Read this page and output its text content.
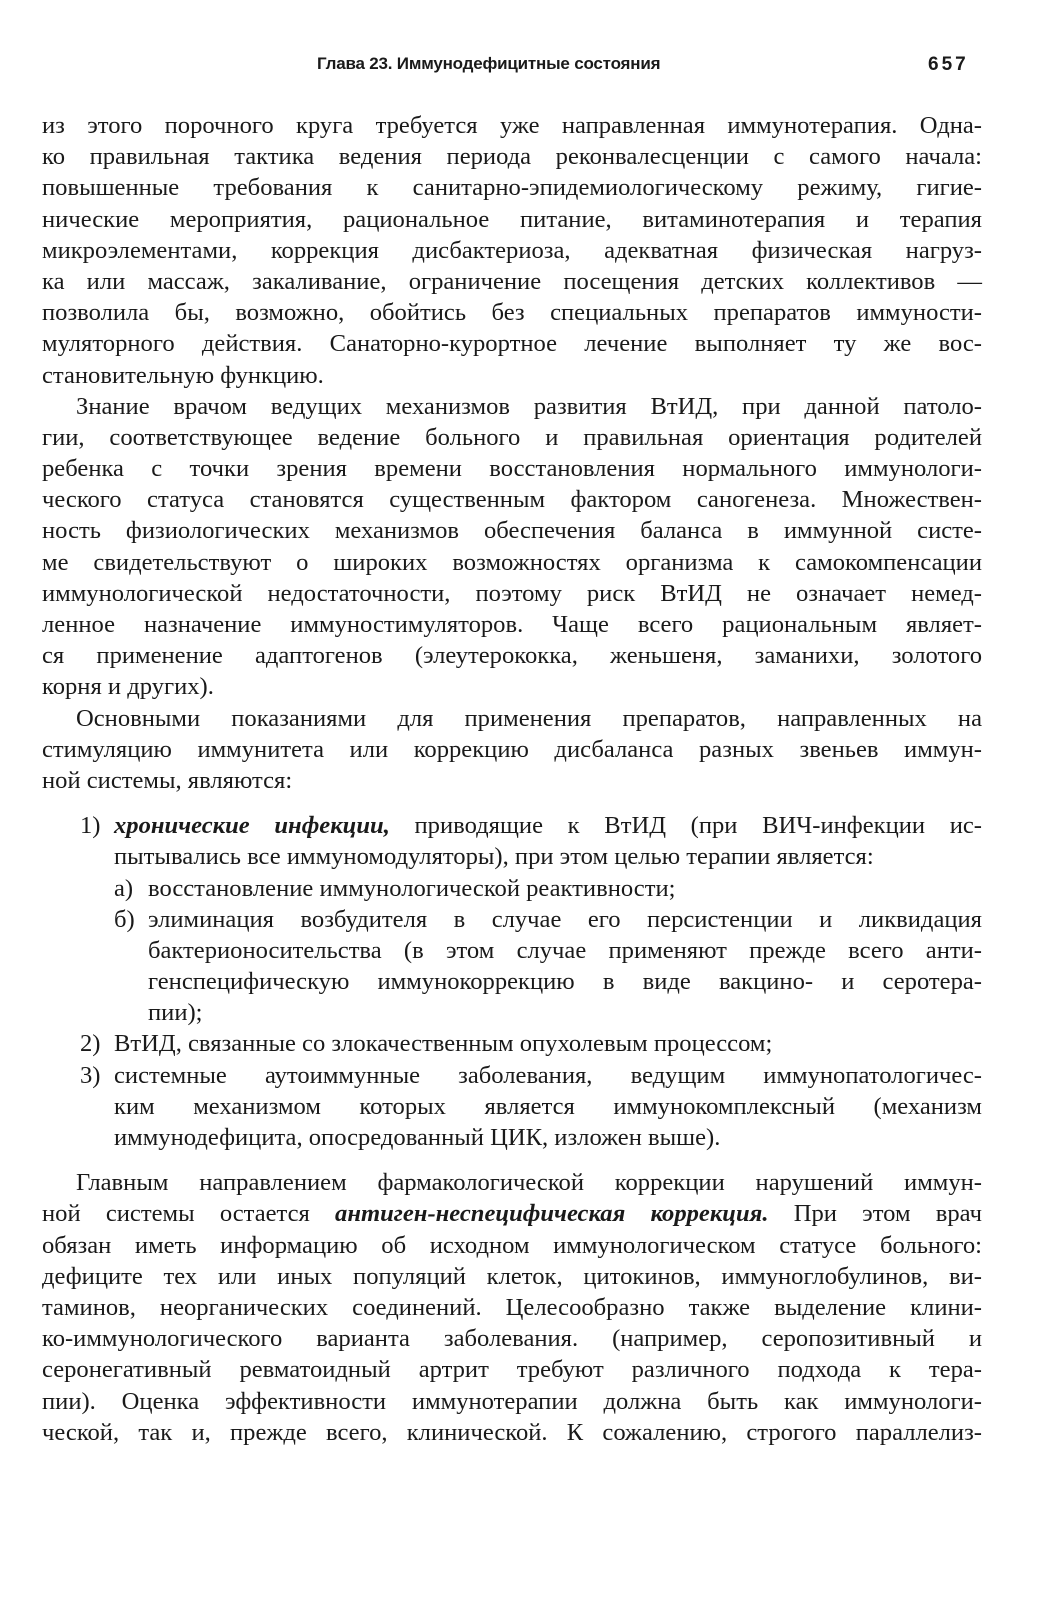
Глава 23. Иммунодефицитные состояния	657
из этого порочного круга требуется уже направленная иммунотерапия. Одна-
ко правильная тактика ведения периода реконвалесценции с самого начала:
повышенные требования к санитарно-эпидемиологическому режиму, гигие-
нические мероприятия, рациональное питание, витаминотерапия и терапия
микроэлементами, коррекция дисбактериоза, адекватная физическая нагруз-
ка или массаж, закаливание, ограничение посещения детских коллективов —
позволила бы, возможно, обойтись без специальных препаратов иммуности-
муляторного действия. Санаторно-курортное лечение выполняет ту же вос-
становительную функцию.
Знание врачом ведущих механизмов развития ВтИД, при данной патоло-
гии, соответствующее ведение больного и правильная ориентация родителей
ребенка с точки зрения времени восстановления нормального иммунологи-
ческого статуса становятся существенным фактором саногенеза. Множествен-
ность физиологических механизмов обеспечения баланса в иммунной систе-
ме свидетельствуют о широких возможностях организма к самокомпенсации
иммунологической недостаточности, поэтому риск ВтИД не означает немед-
ленное назначение иммуностимуляторов. Чаще всего рациональным являет-
ся применение адаптогенов (элеутерококка, женьшеня, заманихи, золотого
корня и других).
Основными показаниями для применения препаратов, направленных на
стимуляцию иммунитета или коррекцию дисбаланса разных звеньев иммун-
ной системы, являются:
1) хронические инфекции, приводящие к ВтИД (при ВИЧ-инфекции ис-
пытывались все иммуномодуляторы), при этом целью терапии является:
а) восстановление иммунологической реактивности;
б) элиминация возбудителя в случае его персистенции и ликвидация
бактерионосительства (в этом случае применяют прежде всего анти-
генспецифическую иммунокоррекцию в виде вакцино- и серотера-
пии);
2) ВтИД, связанные со злокачественным опухолевым процессом;
3) системные аутоиммунные заболевания, ведущим иммунопатологичес-
ким механизмом которых является иммунокомплексный (механизм
иммунодефицита, опосредованный ЦИК, изложен выше).
Главным направлением фармакологической коррекции нарушений иммун-
ной системы остается антиген-неспецифическая коррекция. При этом врач
обязан иметь информацию об исходном иммунологическом статусе больного:
дефиците тех или иных популяций клеток, цитокинов, иммуноглобулинов, ви-
таминов, неорганических соединений. Целесообразно также выделение клини-
ко-иммунологического варианта заболевания. (например, серопозитивный и
серонегативный ревматоидный артрит требуют различного подхода к тера-
пии). Оценка эффективности иммунотерапии должна быть как иммунологи-
ческой, так и, прежде всего, клинической. К сожалению, строгого параллелиз-
